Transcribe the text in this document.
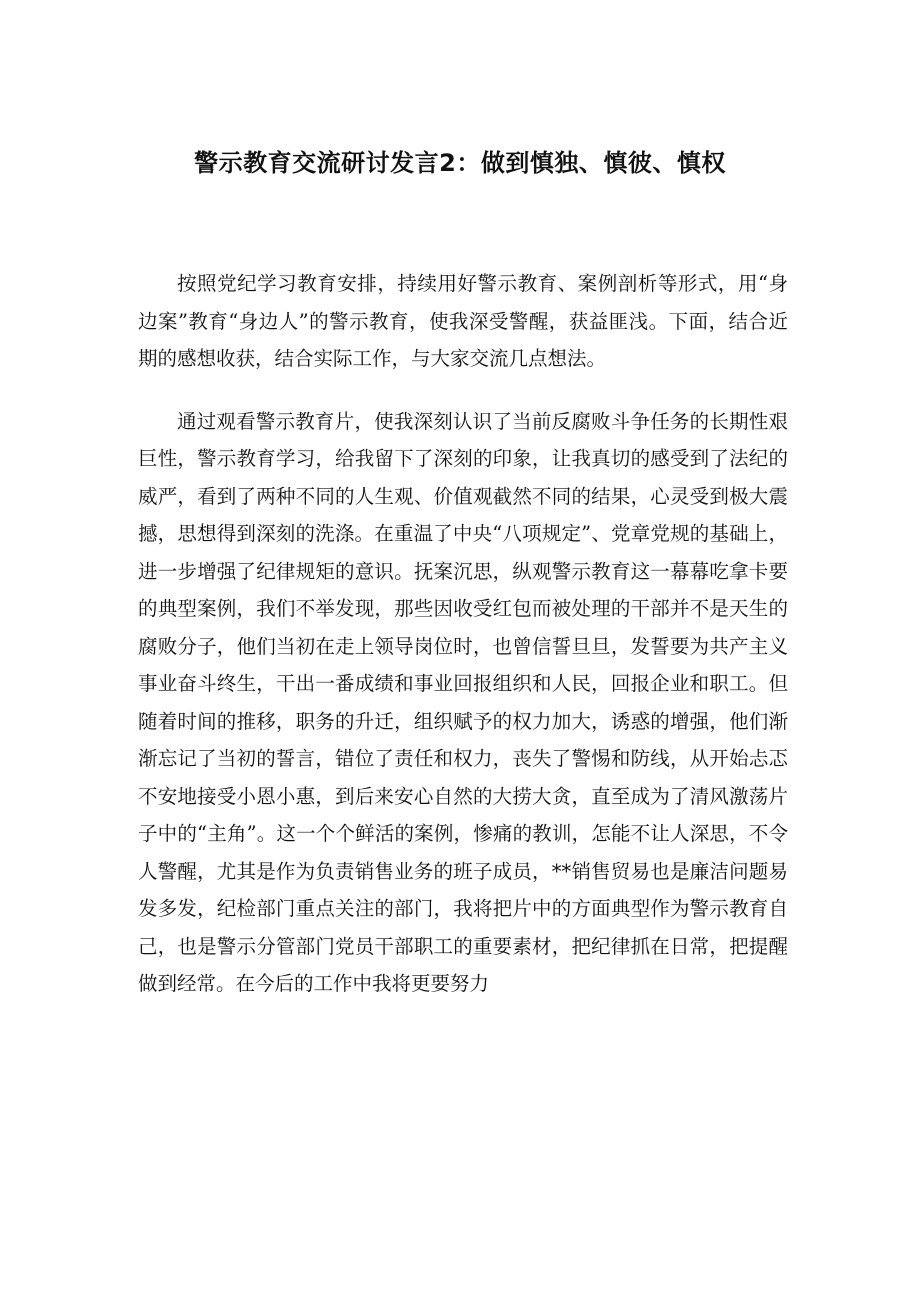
警示教育交流研讨发言2：做到慎独、慎彼、慎权

按照党纪学习教育安排，持续用好警示教育、案例剖析等形式，用“身边案”教育“身边人”的警示教育，使我深受警醒，获益匪浅。下面，结合近期的感想收获，结合实际工作，与大家交流几点想法。

通过观看警示教育片，使我深刻认识了当前反腐败斗争任务的长期性艰巨性，警示教育学习，给我留下了深刻的印象，让我真切的感受到了法纪的威严，看到了两种不同的人生观、价值观截然不同的结果，心灵受到极大震撼，思想得到深刻的洗涤。在重温了中央“八项规定”、党章党规的基础上，进一步增强了纪律规矩的意识。抚案沉思，纵观警示教育这一幕幕吃拿卡要的典型案例，我们不举发现，那些因收受红包而被处理的干部并不是天生的腐败分子，他们当初在走上领导岗位时，也曾信誓旦旦，发誓要为共产主义事业奋斗终生，干出一番成绩和事业回报组织和人民，回报企业和职工。但随着时间的推移，职务的升迁，组织赋予的权力加大，诱惑的增强，他们渐渐忘记了当初的誓言，错位了责任和权力，丧失了警惕和防线，从开始忐忑不安地接受小恩小惠，到后来安心自然的大捞大贪，直至成为了清风激荡片子中的“主角”。这一个个鲜活的案例，惨痛的教训，怎能不让人深思，不令人警醒，尤其是作为负责销售业务的班子成员，**销售贸易也是廉洁问题易发多发，纪检部门重点关注的部门，我将把片中的方面典型作为警示教育自己，也是警示分管部门党员干部职工的重要素材，把纪律抓在日常，把提醒做到经常。在今后的工作中我将更要努力
